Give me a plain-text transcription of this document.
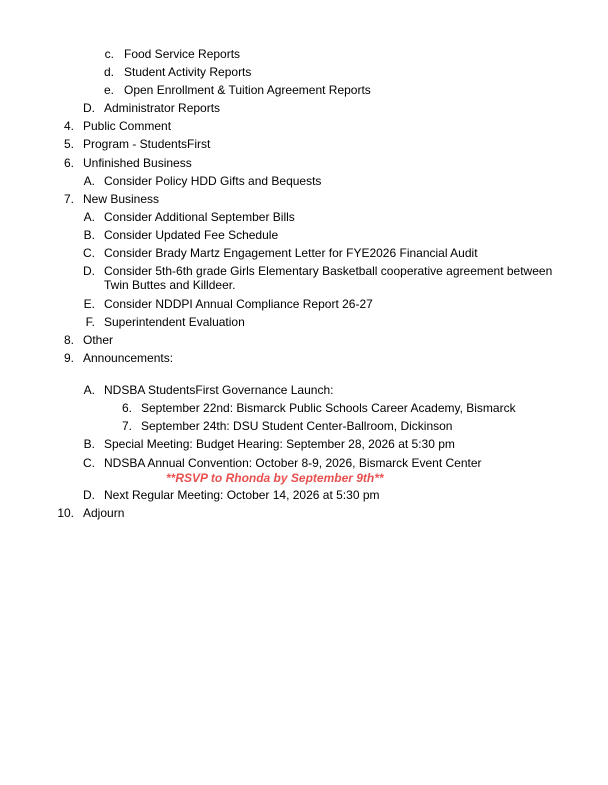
c. Food Service Reports
d. Student Activity Reports
e. Open Enrollment & Tuition Agreement Reports
D. Administrator Reports
4. Public Comment
5. Program - StudentsFirst
6. Unfinished Business
A. Consider Policy HDD Gifts and Bequests
7. New Business
A. Consider Additional September Bills
B. Consider Updated Fee Schedule
C. Consider Brady Martz Engagement Letter for FYE2026 Financial Audit
D. Consider 5th-6th grade Girls Elementary Basketball cooperative agreement between Twin Buttes and Killdeer.
E. Consider NDDPI Annual Compliance Report 26-27
F. Superintendent Evaluation
8. Other
9. Announcements:
A. NDSBA StudentsFirst Governance Launch:
6. September 22nd: Bismarck Public Schools Career Academy, Bismarck
7. September 24th: DSU Student Center-Ballroom, Dickinson
B. Special Meeting: Budget Hearing: September 28, 2026 at 5:30 pm
C. NDSBA Annual Convention: October 8-9, 2026, Bismarck Event Center
**RSVP to Rhonda by September 9th**
D. Next Regular Meeting: October 14, 2026 at 5:30 pm
10. Adjourn
